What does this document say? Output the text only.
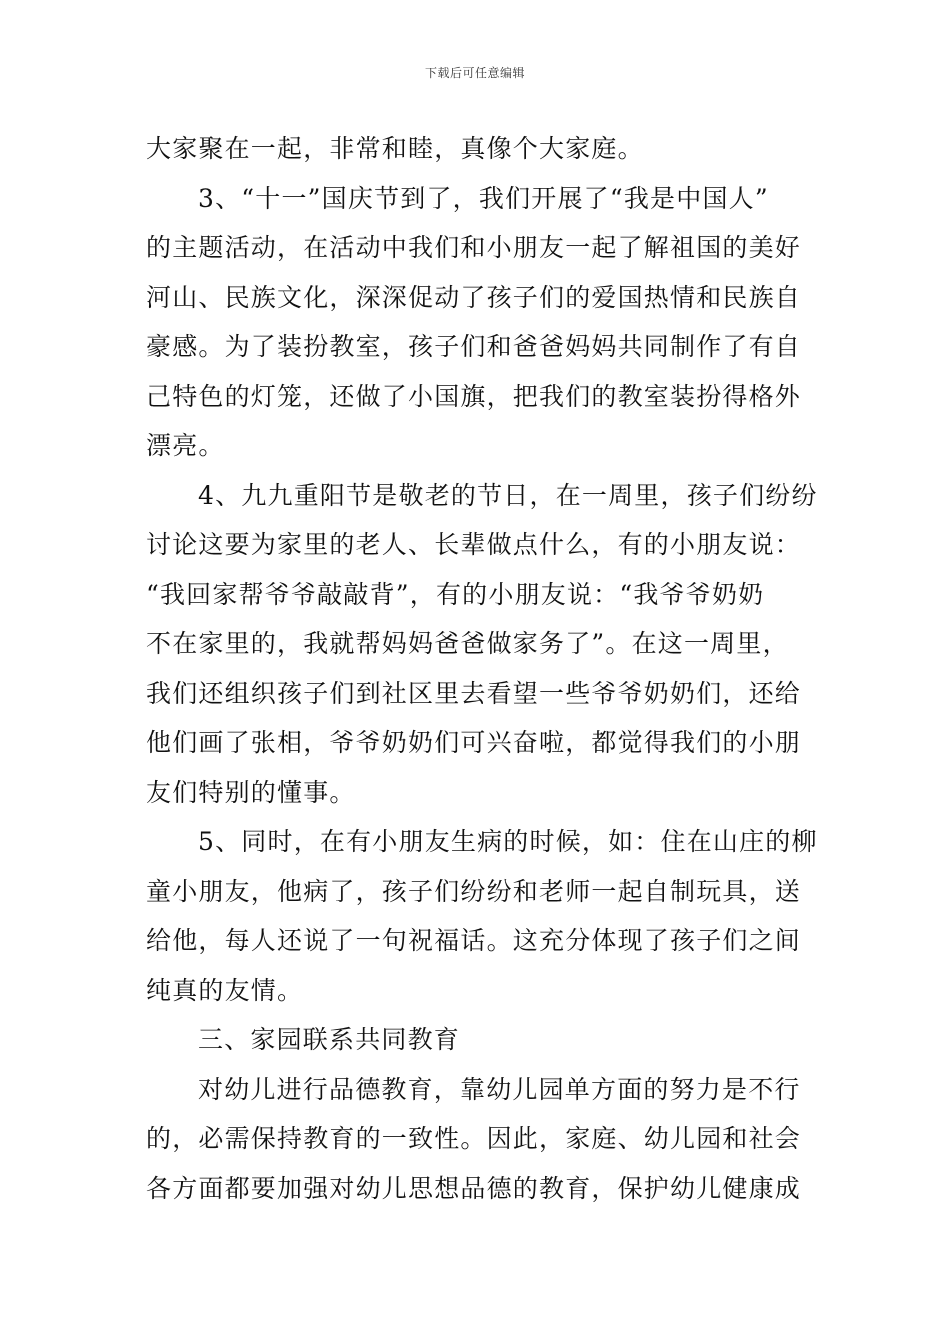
下载后可任意编辑

大家聚在一起，非常和睦，真像个大家庭。

3、“十一”国庆节到了，我们开展了“我是中国人”
的主题活动，在活动中我们和小朋友一起了解祖国的美好
河山、民族文化，深深促动了孩子们的爱国热情和民族自
豪感。为了装扮教室，孩子们和爸爸妈妈共同制作了有自
己特色的灯笼，还做了小国旗，把我们的教室装扮得格外
漂亮。

4、九九重阳节是敬老的节日，在一周里，孩子们纷纷
讨论这要为家里的老人、长辈做点什么，有的小朋友说：
“我回家帮爷爷敲敲背”，有的小朋友说：“我爷爷奶奶
不在家里的，我就帮妈妈爸爸做家务了”。在这一周里，
我们还组织孩子们到社区里去看望一些爷爷奶奶们，还给
他们画了张相，爷爷奶奶们可兴奋啦，都觉得我们的小朋
友们特别的懂事。

5、同时，在有小朋友生病的时候，如：住在山庄的柳
童小朋友，他病了，孩子们纷纷和老师一起自制玩具，送
给他，每人还说了一句祝福话。这充分体现了孩子们之间
纯真的友情。

三、家园联系共同教育

对幼儿进行品德教育，靠幼儿园单方面的努力是不行
的，必需保持教育的一致性。因此，家庭、幼儿园和社会
各方面都要加强对幼儿思想品德的教育，保护幼儿健康成
